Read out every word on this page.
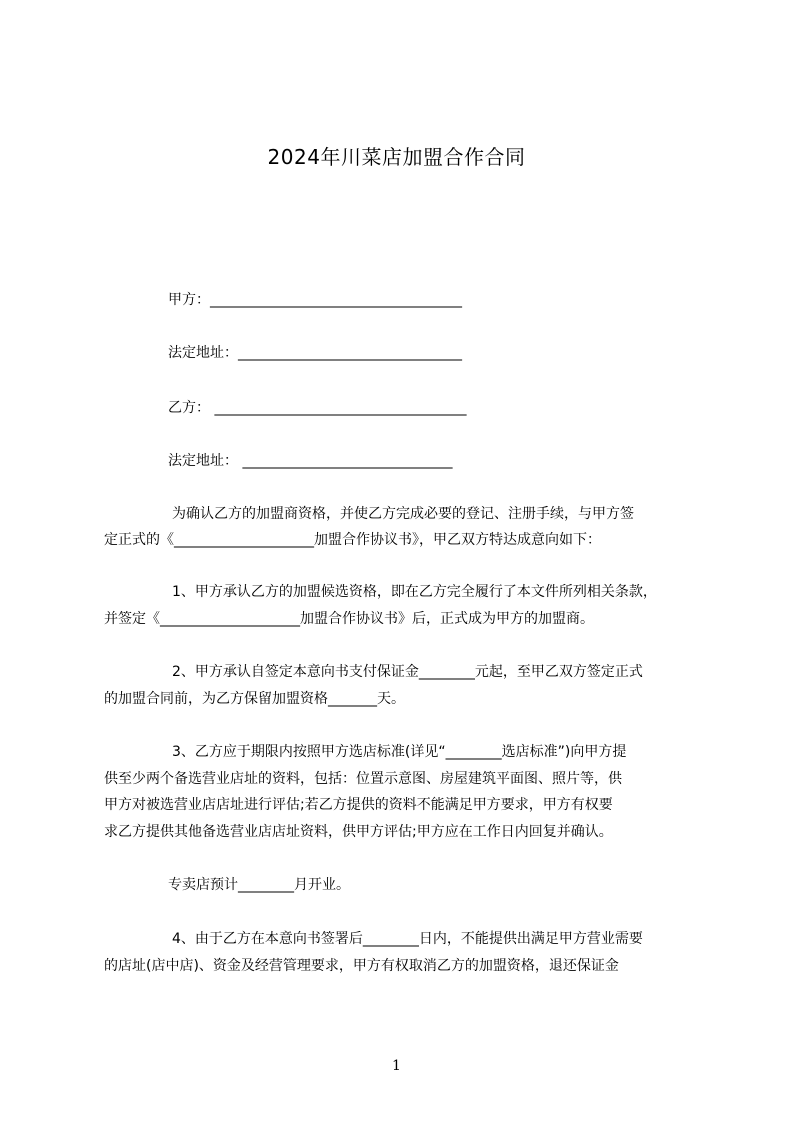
2024年川菜店加盟合作合同
甲方：____________________________________
法定地址：________________________________
乙方： ____________________________________
法定地址： ______________________________
为确认乙方的加盟商资格，并使乙方完成必要的登记、注册手续，与甲方签
定正式的《____________________加盟合作协议书》，甲乙双方特达成意向如下：
1、甲方承认乙方的加盟候选资格，即在乙方完全履行了本文件所列相关条款，
并签定《____________________加盟合作协议书》后，正式成为甲方的加盟商。
2、甲方承认自签定本意向书支付保证金________元起，至甲乙双方签定正式
的加盟合同前，为乙方保留加盟资格_______天。
3、乙方应于期限内按照甲方选店标准(详见“________选店标准”)向甲方提
供至少两个备选营业店址的资料，包括：位置示意图、房屋建筑平面图、照片等，供
甲方对被选营业店店址进行评估;若乙方提供的资料不能满足甲方要求，甲方有权要
求乙方提供其他备选营业店店址资料，供甲方评估;甲方应在工作日内回复并确认。
专卖店预计________月开业。
4、由于乙方在本意向书签署后________日内，不能提供出满足甲方营业需要
的店址(店中店)、资金及经营管理要求，甲方有权取消乙方的加盟资格，退还保证金
1
